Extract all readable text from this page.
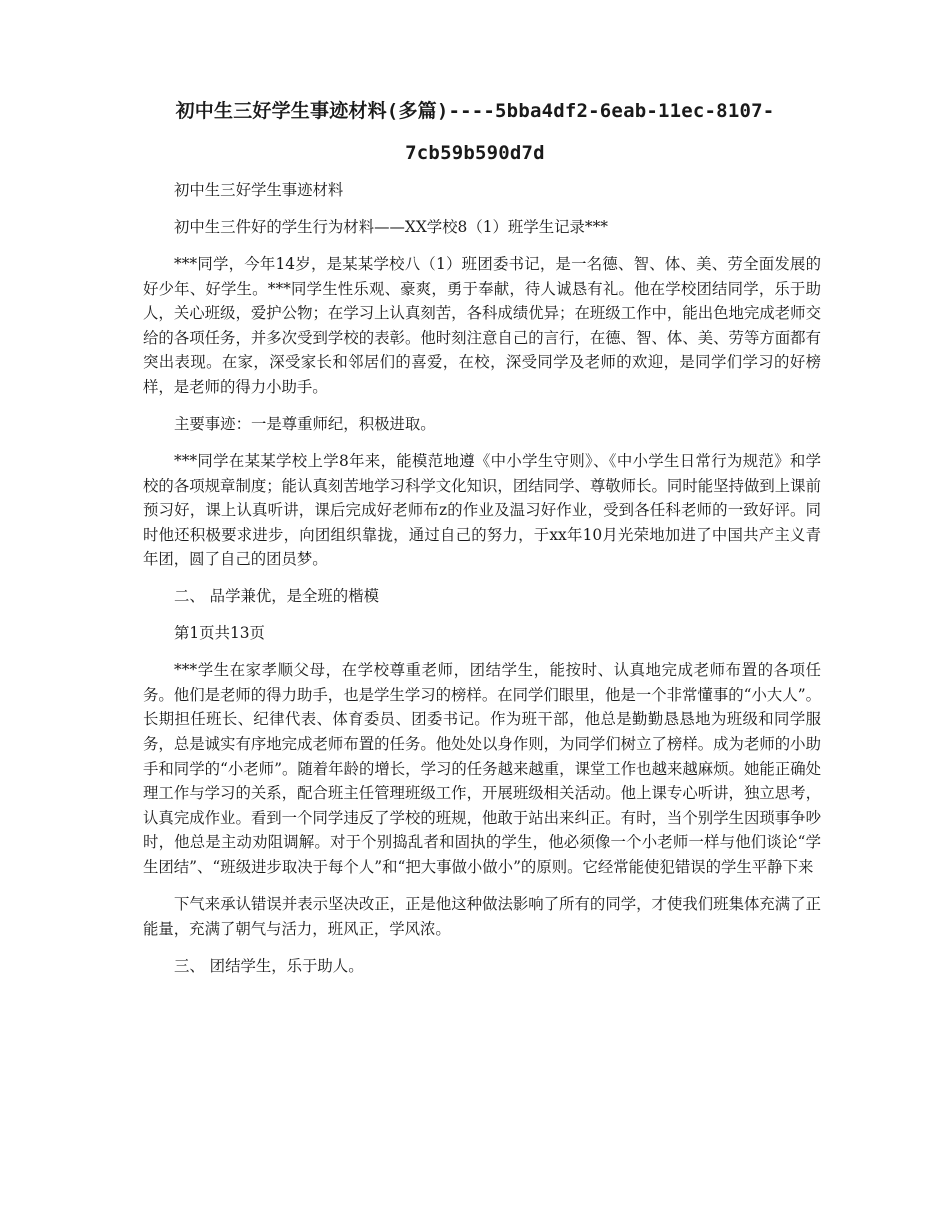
初中生三好学生事迹材料(多篇)----5bba4df2-6eab-11ec-8107-7cb59b590d7d

初中生三好学生事迹材料

初中生三件好的学生行为材料——XX学校8（1）班学生记录***

***同学，今年14岁，是某某学校八（1）班团委书记，是一名德、智、体、美、劳全面发展的好少年、好学生。***同学生性乐观、豪爽，勇于奉献，待人诚恳有礼。他在学校团结同学，乐于助人，关心班级，爱护公物；在学习上认真刻苦，各科成绩优异；在班级工作中，能出色地完成老师交给的各项任务，并多次受到学校的表彰。他时刻注意自己的言行，在德、智、体、美、劳等方面都有突出表现。在家，深受家长和邻居们的喜爱，在校，深受同学及老师的欢迎，是同学们学习的好榜样，是老师的得力小助手。

主要事迹：一是尊重师纪，积极进取。

***同学在某某学校上学8年来，能模范地遵《中小学生守则》、《中小学生日常行为规范》和学校的各项规章制度；能认真刻苦地学习科学文化知识，团结同学、尊敬师长。同时能坚持做到上课前预习好，课上认真听讲，课后完成好老师布z的作业及温习好作业，受到各任科老师的一致好评。同时他还积极要求进步，向团组织靠拢，通过自己的努力，于xx年10月光荣地加进了中国共产主义青年团，圆了自己的团员梦。

二、 品学兼优，是全班的楷模

第1页共13页

***学生在家孝顺父母，在学校尊重老师，团结学生，能按时、认真地完成老师布置的各项任务。他们是老师的得力助手，也是学生学习的榜样。在同学们眼里，他是一个非常懂事的“小大人”。长期担任班长、纪律代表、体育委员、团委书记。作为班干部，他总是勤勤恳恳地为班级和同学服务，总是诚实有序地完成老师布置的任务。他处处以身作则，为同学们树立了榜样。成为老师的小助手和同学的“小老师”。随着年龄的增长，学习的任务越来越重，课堂工作也越来越麻烦。她能正确处理工作与学习的关系，配合班主任管理班级工作，开展班级相关活动。他上课专心听讲，独立思考，认真完成作业。看到一个同学违反了学校的班规，他敢于站出来纠正。有时，当个别学生因琐事争吵时，他总是主动劝阻调解。对于个别捣乱者和固执的学生，他必须像一个小老师一样与他们谈论“学生团结”、“班级进步取决于每个人”和“把大事做小做小”的原则。它经常能使犯错误的学生平静下来

下气来承认错误并表示坚决改正，正是他这种做法影响了所有的同学，才使我们班集体充满了正能量，充满了朝气与活力，班风正，学风浓。

三、 团结学生，乐于助人。
